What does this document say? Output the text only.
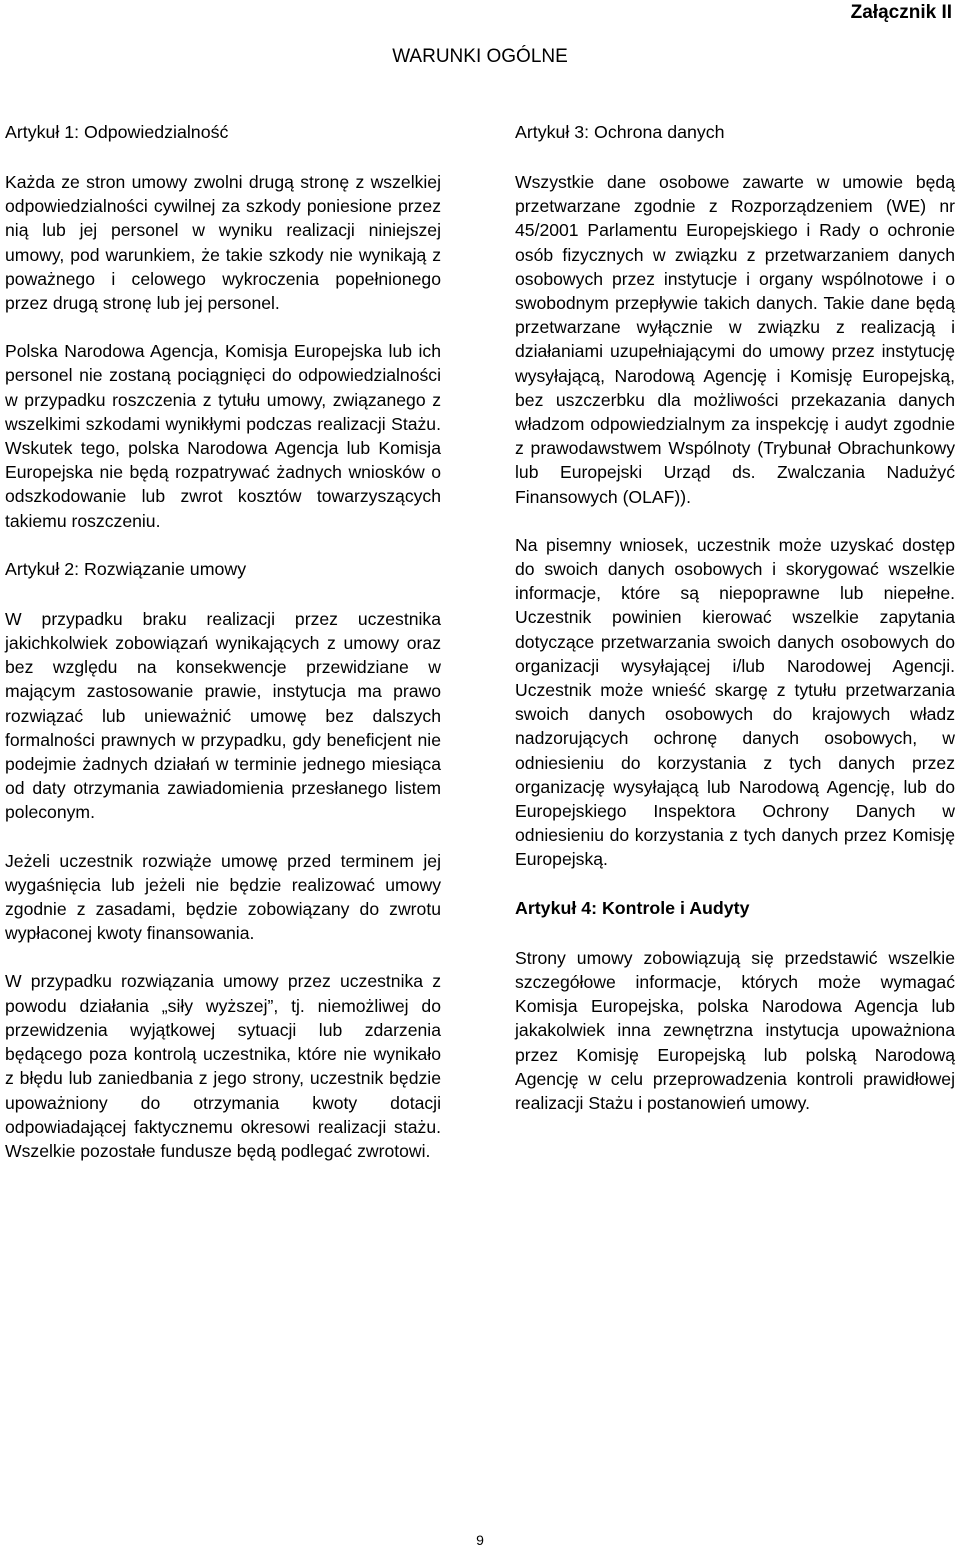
Załącznik II
WARUNKI OGÓLNE
Artykuł 1: Odpowiedzialność

Każda ze stron umowy zwolni drugą stronę z wszelkiej odpowiedzialności cywilnej za szkody poniesione przez nią lub jej personel w wyniku realizacji niniejszej umowy, pod warunkiem, że takie szkody nie wynikają z poważnego i celowego wykroczenia popełnionego przez drugą stronę lub jej personel.

Polska Narodowa Agencja, Komisja Europejska lub ich personel nie zostaną pociągnięci do odpowiedzialności w przypadku roszczenia z tytułu umowy, związanego z wszelkimi szkodami wynikłymi podczas realizacji Stażu. Wskutek tego, polska Narodowa Agencja lub Komisja Europejska nie będą rozpatrywać żadnych wniosków o odszkodowanie lub zwrot kosztów towarzyszących takiemu roszczeniu.

Artykuł 2: Rozwiązanie umowy

W przypadku braku realizacji przez uczestnika jakichkolwiek zobowiązań wynikających z umowy oraz bez względu na konsekwencje przewidziane w mającym zastosowanie prawie, instytucja ma prawo rozwiązać lub unieważnić umowę bez dalszych formalności prawnych w przypadku, gdy beneficjent nie podejmie żadnych działań w terminie jednego miesiąca od daty otrzymania zawiadomienia przesłanego listem poleconym.

Jeżeli uczestnik rozwiąże umowę przed terminem jej wygaśnięcia lub jeżeli nie będzie realizować umowy zgodnie z zasadami, będzie zobowiązany do zwrotu wypłaconej kwoty finansowania.

W przypadku rozwiązania umowy przez uczestnika z powodu działania „siły wyższej”, tj. niemożliwej do przewidzenia wyjątkowej sytuacji lub zdarzenia będącego poza kontrolą uczestnika, które nie wynikało z błędu lub zaniedbania z jego strony, uczestnik będzie upoważniony do otrzymania kwoty dotacji odpowiadającej faktycznemu okresowi realizacji stażu. Wszelkie pozostałe fundusze będą podlegać zwrotowi.

Artykuł 3: Ochrona danych

Wszystkie dane osobowe zawarte w umowie będą przetwarzane zgodnie z Rozporządzeniem (WE) nr 45/2001 Parlamentu Europejskiego i Rady o ochronie osób fizycznych w związku z przetwarzaniem danych osobowych przez instytucje i organy wspólnotowe i o swobodnym przepływie takich danych. Takie dane będą przetwarzane wyłącznie w związku z realizacją i działaniami uzupełniającymi do umowy przez instytucję wysyłającą, Narodową Agencję i Komisję Europejską, bez uszczerbku dla możliwości przekazania danych władzom odpowiedzialnym za inspekcję i audyt zgodnie z prawodawstwem Wspólnoty (Trybunał Obrachunkowy lub Europejski Urząd ds. Zwalczania Nadużyć Finansowych (OLAF)).

Na pisemny wniosek, uczestnik może uzyskać dostęp do swoich danych osobowych i skorygować wszelkie informacje, które są niepoprawne lub niepełne. Uczestnik powinien kierować wszelkie zapytania dotyczące przetwarzania swoich danych osobowych do organizacji wysyłającej i/lub Narodowej Agencji. Uczestnik może wnieść skargę z tytułu przetwarzania swoich danych osobowych do krajowych władz nadzorujących ochronę danych osobowych, w odniesieniu do korzystania z tych danych przez organizację wysyłającą lub Narodową Agencję, lub do Europejskiego Inspektora Ochrony Danych w odniesieniu do korzystania z tych danych przez Komisję Europejską.

Artykuł 4: Kontrole i Audyty

Strony umowy zobowiązują się przedstawić wszelkie szczegółowe informacje, których może wymagać Komisja Europejska, polska Narodowa Agencja lub jakakolwiek inna zewnętrzna instytucja upoważniona przez Komisję Europejską lub polską Narodową Agencję w celu przeprowadzenia kontroli prawidłowej realizacji Stażu i postanowień umowy.

9
